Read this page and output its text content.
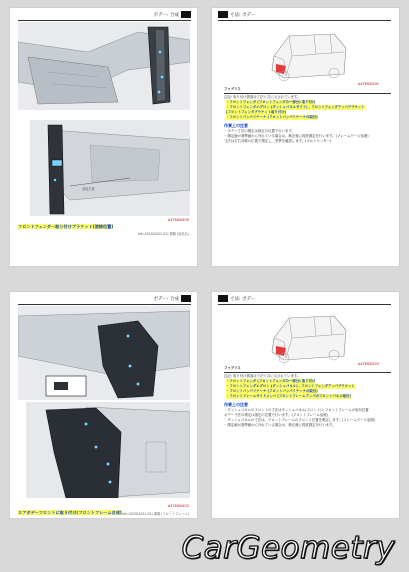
ボデー: 合成
溶接位置
A47M00X00
フロントフェンダー取り付けブラケット(溶接位置)
alt=2019(2021-01) 掲載 (部品名)
寸法: ボデー
A47M00X01
ファブリス
注記: 取り付け図面は寸法と共に示されています。
・フロントフェンダ (フロントフェンダの一部分) 取り付け
・フロントフェンダエプロン (ダッシュパネルサイド) , フロントフェンダアッパブラケット
(フロントフェンダブラケット取り付け)
・フロントバンパリテーナ (フロントバンパリテーナの取付)
作業上の注意
・ボデー寸法の測定は指定の位置で行います。
・測定値が基準値から外れている場合は、修正後に再度測定を行います。(フレームゲージ参照)
寸法は左右対称の位置で測定し、差異を確認します。(ボルトセンター)
ボデー: 合成
A47M00X02
ロアボデーフロントに取り付け(フロントフレーム合成) alt=2019(2021-01) 掲載 (フロントフレーム)
寸法: ボデー
A47M00X03
ファブリス
注記: 取り付け図面は寸法と共に示されています。
・フロントフェンダ (フロントフェンダの一部分) 取り付け
・フロントフェンダエプロン (ダッシュパネル) , フロントフェンダアッパブラケット
・フロントバンパリテーナ (フロントバンパリテーナの取付)
・フロントフレームサイドメンバ (フロントフレームアッパのフロントパネル取付)
作業上の注意
・ダッシュパネルのフロントの寸法はダッシュパネル(フロント)とフロントフレームの取付位置
ボデー寸法の測定は指定の位置で行います。(フロントフレーム参照)
・ダッシュパネルの寸法は、フロントフレームのフロント位置を測定します。(フレームゲージ参照)
・測定値が基準値から外れている場合は、修正後に再度測定を行います。
CarGeometry
